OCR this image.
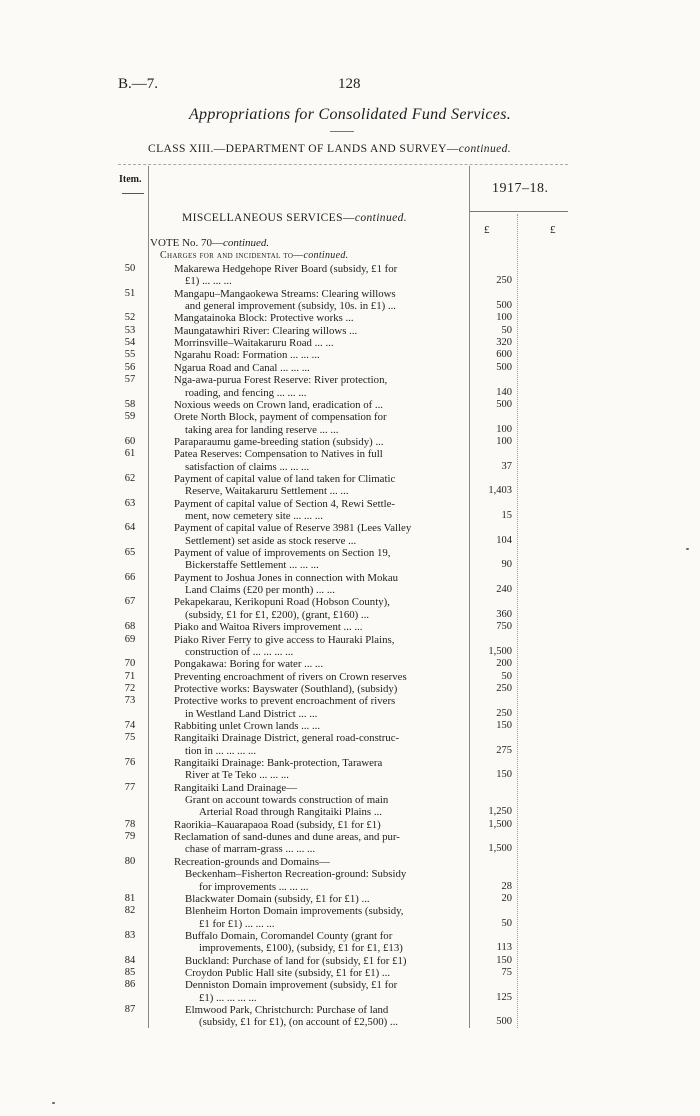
B.—7.	128
Appropriations for Consolidated Fund Services.
CLASS XIII.—DEPARTMENT OF LANDS AND SURVEY—continued.
Item.
1917–18.
£	£
MISCELLANEOUS SERVICES—continued.
VOTE No. 70—continued.
Charges for and incidental to—continued.
50	Makarewa Hedgehope River Board (subsidy, £1 for
£1) ... ... ...	250
51	Mangapu–Mangaokewa Streams: Clearing willows
and general improvement (subsidy, 10s. in £1) ...	500
52	Mangatainoka Block: Protective works ...	100
53	Maungatawhiri River: Clearing willows ...	50
54	Morrinsville–Waitakaruru Road ... ...	320
55	Ngarahu Road: Formation ... ... ...	600
56	Ngarua Road and Canal ... ... ...	500
57	Nga-awa-purua Forest Reserve: River protection,
roading, and fencing ... ... ...	140
58	Noxious weeds on Crown land, eradication of ...	500
59	Orete North Block, payment of compensation for
taking area for landing reserve ... ...	100
60	Paraparaumu game-breeding station (subsidy) ...	100
61	Patea Reserves: Compensation to Natives in full
satisfaction of claims ... ... ...	37
62	Payment of capital value of land taken for Climatic
Reserve, Waitakaruru Settlement ... ...	1,403
63	Payment of capital value of Section 4, Rewi Settle-
ment, now cemetery site ... ... ...	15
64	Payment of capital value of Reserve 3981 (Lees Valley
Settlement) set aside as stock reserve ...	104
65	Payment of value of improvements on Section 19,
Bickerstaffe Settlement ... ... ...	90
66	Payment to Joshua Jones in connection with Mokau
Land Claims (£20 per month) ... ...	240
67	Pekapekarau, Kerikopuni Road (Hobson County),
(subsidy, £1 for £1, £200), (grant, £160) ...	360
68	Piako and Waitoa Rivers improvement ... ...	750
69	Piako River Ferry to give access to Hauraki Plains,
construction of ... ... ... ...	1,500
70	Pongakawa: Boring for water ... ...	200
71	Preventing encroachment of rivers on Crown reserves	50
72	Protective works: Bayswater (Southland), (subsidy)	250
73	Protective works to prevent encroachment of rivers
in Westland Land District ... ...	250
74	Rabbiting unlet Crown lands ... ...	150
75	Rangitaiki Drainage District, general road-construc-
tion in ... ... ... ...	275
76	Rangitaiki Drainage: Bank-protection, Tarawera
River at Te Teko ... ... ...	150
77	Rangitaiki Land Drainage—
Grant on account towards construction of main
Arterial Road through Rangitaiki Plains ...	1,250
78	Raorikia–Kauarapaoa Road (subsidy, £1 for £1)	1,500
79	Reclamation of sand-dunes and dune areas, and pur-
chase of marram-grass ... ... ...	1,500
80	Recreation-grounds and Domains—
Beckenham–Fisherton Recreation-ground: Subsidy
for improvements ... ... ...	28
81	Blackwater Domain (subsidy, £1 for £1) ...	20
82	Blenheim Horton Domain improvements (subsidy,
£1 for £1) ... ... ...	50
83	Buffalo Domain, Coromandel County (grant for
improvements, £100), (subsidy, £1 for £1, £13)	113
84	Buckland: Purchase of land for (subsidy, £1 for £1)	150
85	Croydon Public Hall site (subsidy, £1 for £1) ...	75
86	Denniston Domain improvement (subsidy, £1 for
£1) ... ... ... ...	125
87	Elmwood Park, Christchurch: Purchase of land
(subsidy, £1 for £1), (on account of £2,500) ...	500
